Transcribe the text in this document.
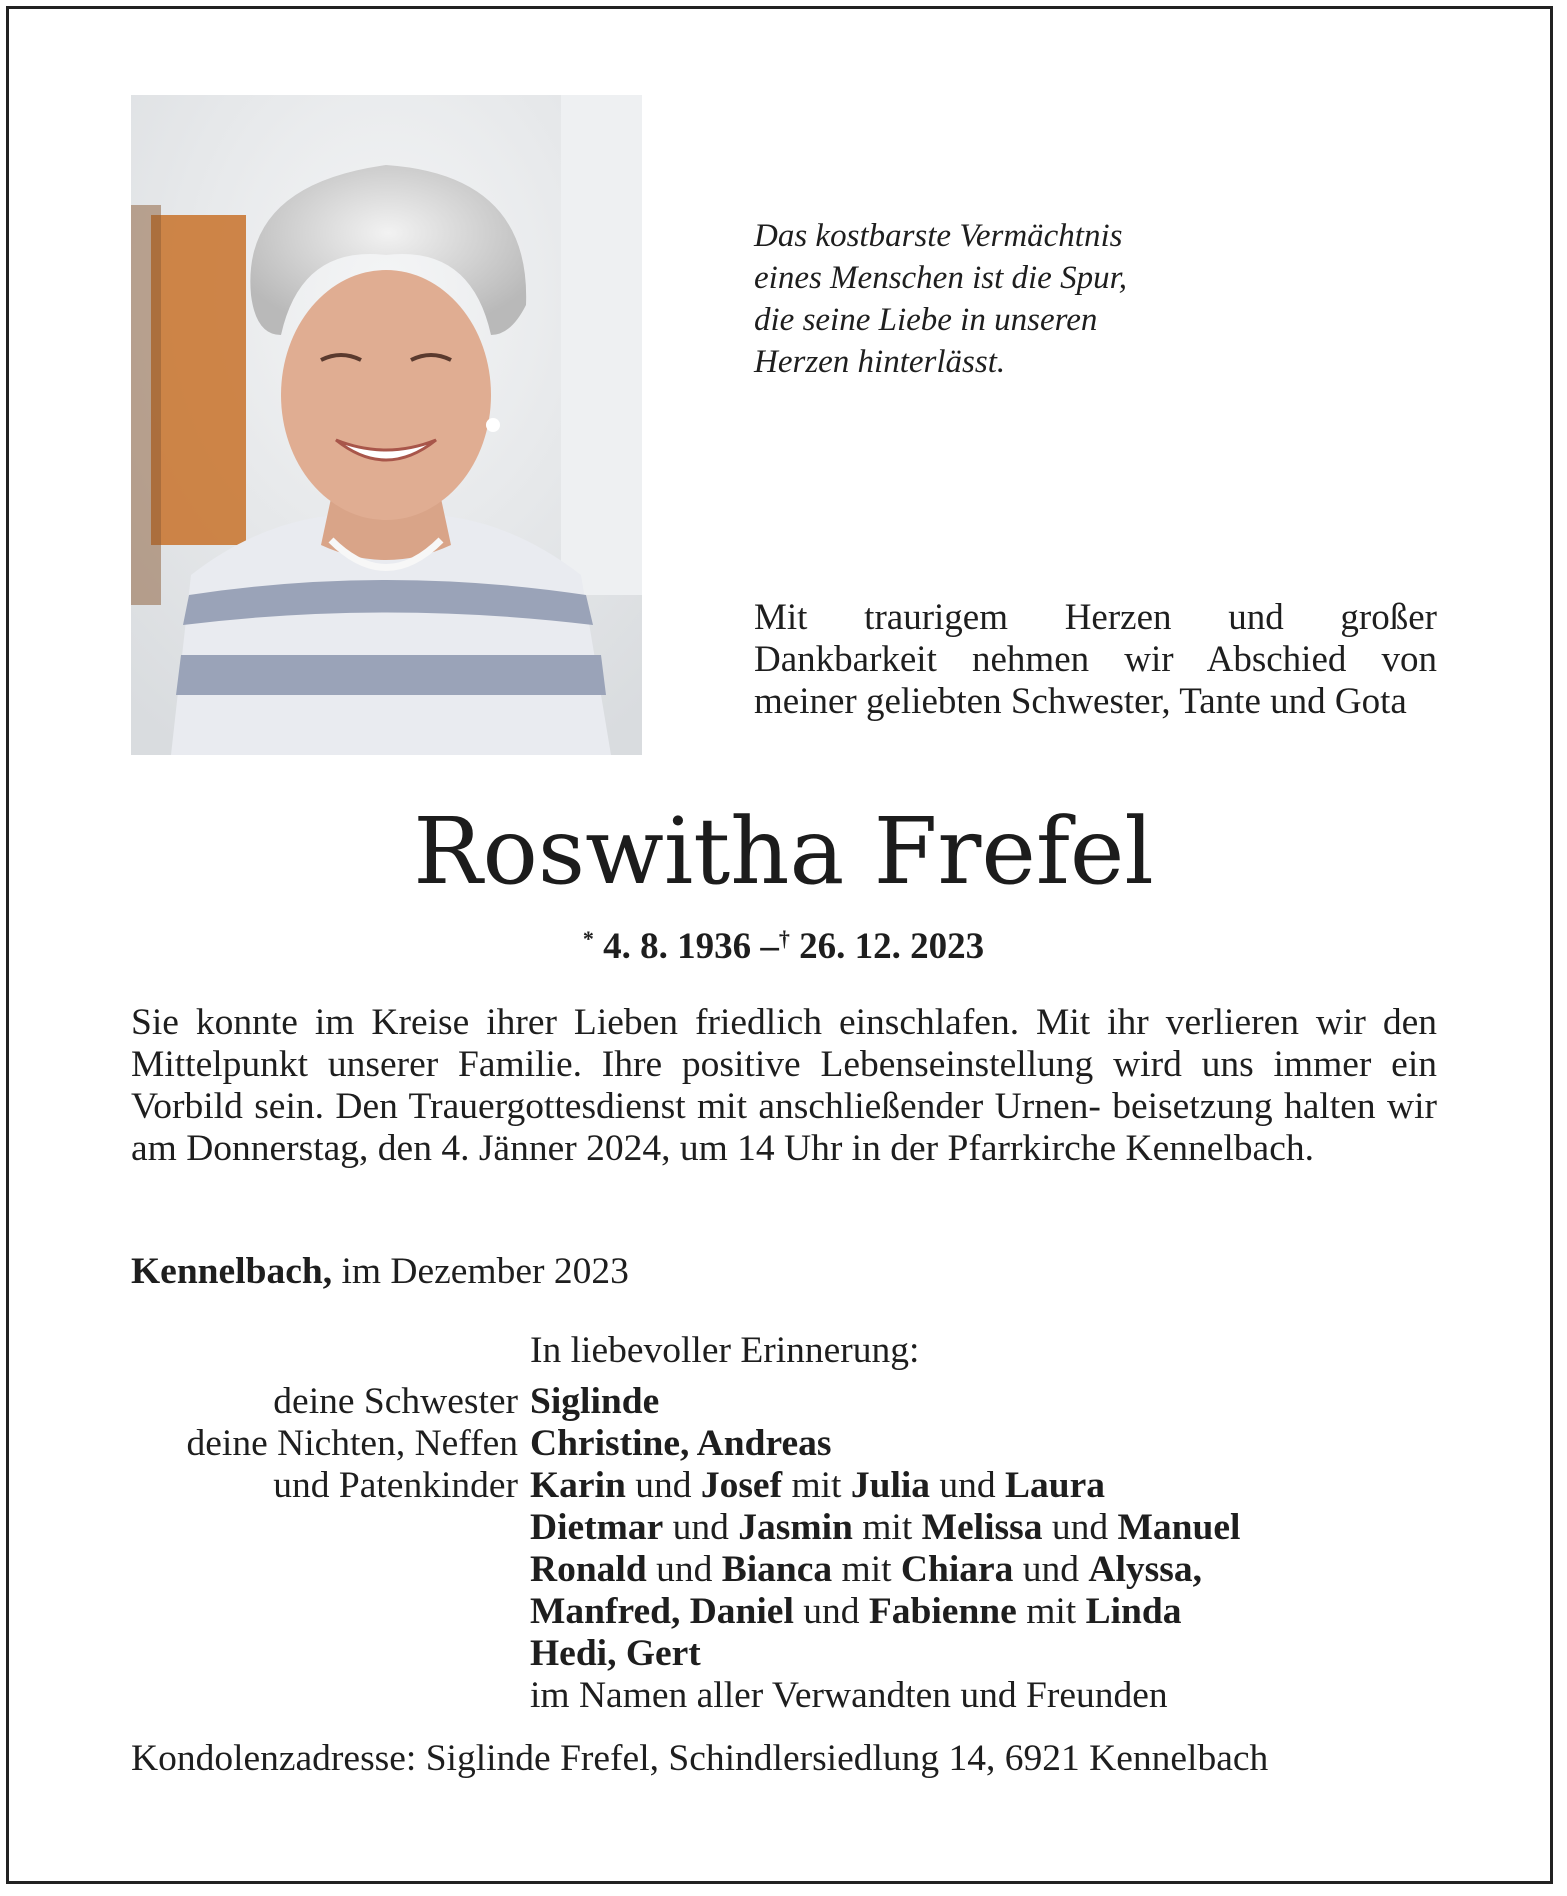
Das kostbarste Vermächtnis
eines Menschen ist die Spur,
die seine Liebe in unseren
Herzen hinterlässt.
Mit traurigem Herzen und großer Dankbarkeit nehmen wir Abschied von meiner geliebten Schwester, Tante und Gota
Roswitha Frefel
* 4. 8. 1936 –† 26. 12. 2023
Sie konnte im Kreise ihrer Lieben friedlich einschlafen. Mit ihr verlieren wir den Mittelpunkt unserer Familie. Ihre positive Lebenseinstellung wird uns immer ein Vorbild sein. Den Trauergottesdienst mit anschließender Urnen- beisetzung halten wir am Donnerstag, den 4. Jänner 2024, um 14 Uhr in der Pfarrkirche Kennelbach.
Kennelbach, im Dezember 2023
In liebevoller Erinnerung:
deine Schwester Siglinde
deine Nichten, Neffen Christine, Andreas
und Patenkinder Karin und Josef mit Julia und Laura
Dietmar und Jasmin mit Melissa und Manuel
Ronald und Bianca mit Chiara und Alyssa,
Manfred, Daniel und Fabienne mit Linda
Hedi, Gert
im Namen aller Verwandten und Freunden
Kondolenzadresse: Siglinde Frefel, Schindlersiedlung 14, 6921 Kennelbach
